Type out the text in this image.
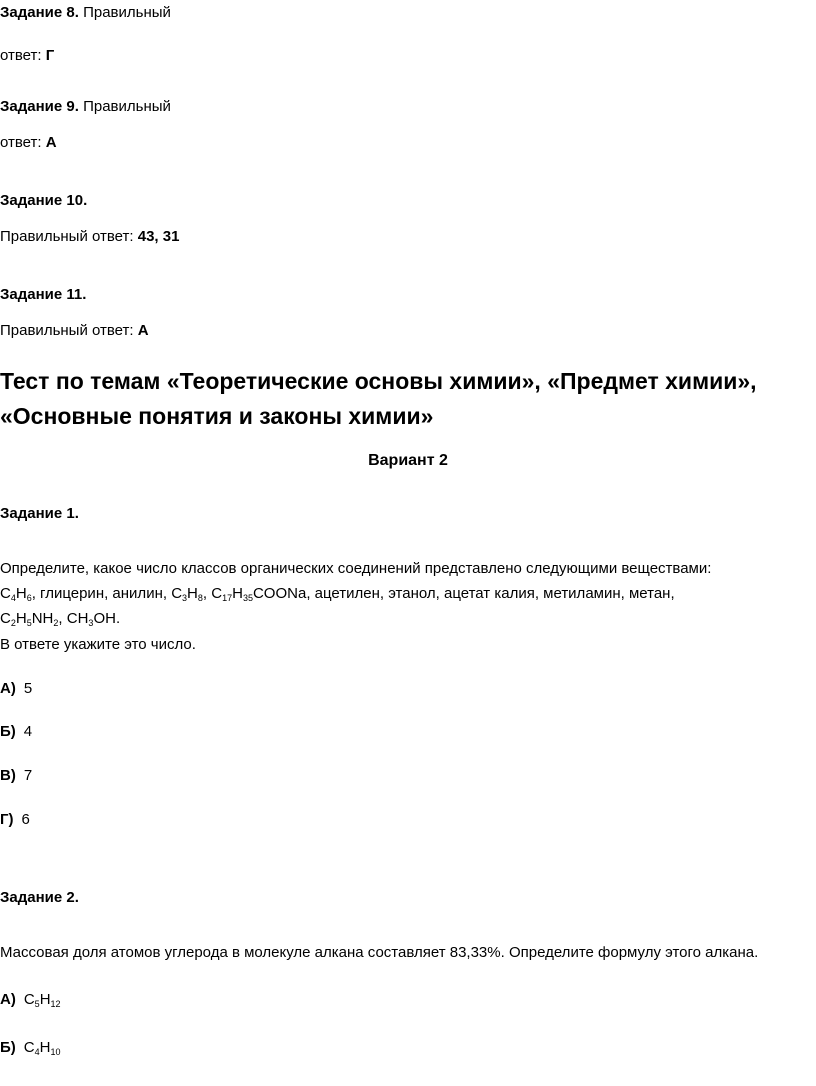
Задание 8. Правильный
ответ: Г
Задание 9. Правильный
ответ: А
Задание 10.
Правильный ответ: 43, 31
Задание 11.
Правильный ответ: А
Тест по темам «Теоретические основы химии», «Предмет химии»,
«Основные понятия и законы химии»
Вариант 2
Задание 1.
Определите, какое число классов органических соединений представлено следующими веществами:
$C_4H_6$, глицерин, анилин, $C_3H_8$, $C_{17}H_{35}COONa$, ацетилен, этанол, ацетат калия, метиламин, метан,
$C_2H_5NH_2$, $CH_3OH$.
В ответе укажите это число.
А) 5
Б) 4
В) 7
Г) 6
Задание 2.
Массовая доля атомов углерода в молекуле алкана составляет 83,33%. Определите формулу этого алкана.
А) $C_5H_{12}$
Б) $C_4H_{10}$
